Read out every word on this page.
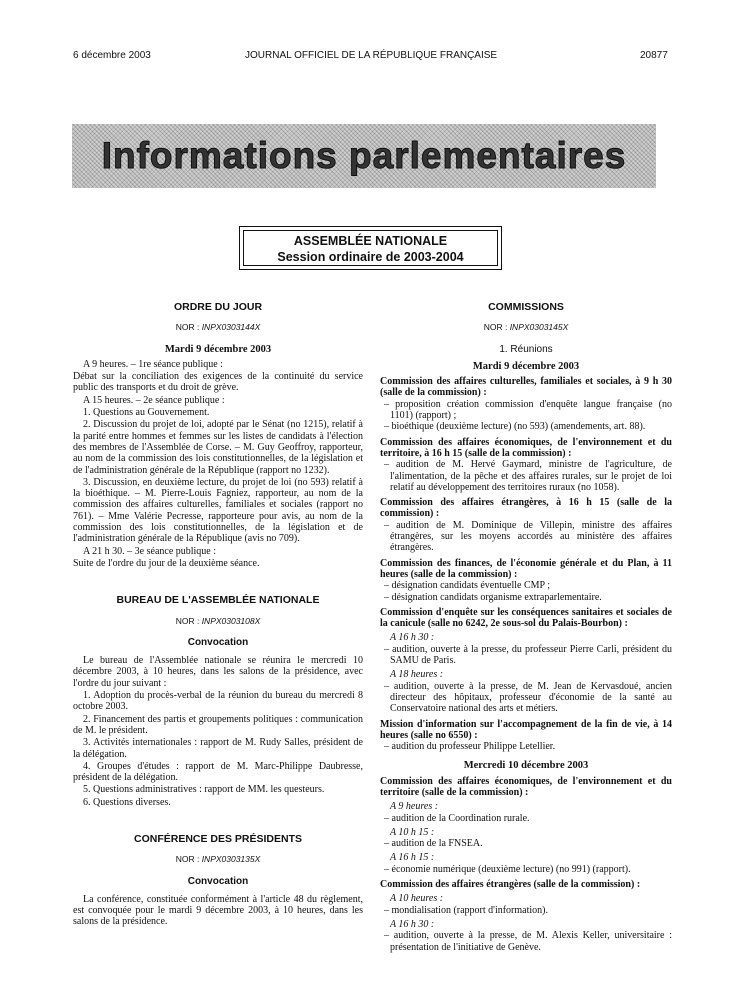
6 décembre 2003	JOURNAL OFFICIEL DE LA RÉPUBLIQUE FRANÇAISE	20877
Informations parlementaires
ASSEMBLÉE NATIONALE
Session ordinaire de 2003-2004
ORDRE DU JOUR
NOR : INPX0303144X
Mardi 9 décembre 2003
A 9 heures. – 1re séance publique :
Débat sur la conciliation des exigences de la continuité du service public des transports et du droit de grève.
A 15 heures. – 2e séance publique :
1. Questions au Gouvernement.
2. Discussion du projet de loi, adopté par le Sénat (no 1215), relatif à la parité entre hommes et femmes sur les listes de candidats à l'élection des membres de l'Assemblée de Corse. – M. Guy Geoffroy, rapporteur, au nom de la commission des lois constitutionnelles, de la législation et de l'administration générale de la République (rapport no 1232).
3. Discussion, en deuxième lecture, du projet de loi (no 593) relatif à la bioéthique. – M. Pierre-Louis Fagniez, rapporteur, au nom de la commission des affaires culturelles, familiales et sociales (rapport no 761). – Mme Valérie Pecresse, rapporteure pour avis, au nom de la commission des lois constitutionnelles, de la législation et de l'administration générale de la République (avis no 709).
A 21 h 30. – 3e séance publique :
Suite de l'ordre du jour de la deuxième séance.
BUREAU DE L'ASSEMBLÉE NATIONALE
NOR : INPX0303108X
Convocation
Le bureau de l'Assemblée nationale se réunira le mercredi 10 décembre 2003, à 10 heures, dans les salons de la présidence, avec l'ordre du jour suivant :
1. Adoption du procès-verbal de la réunion du bureau du mercredi 8 octobre 2003.
2. Financement des partis et groupements politiques : communication de M. le président.
3. Activités internationales : rapport de M. Rudy Salles, président de la délégation.
4. Groupes d'études : rapport de M. Marc-Philippe Daubresse, président de la délégation.
5. Questions administratives : rapport de MM. les questeurs.
6. Questions diverses.
CONFÉRENCE DES PRÉSIDENTS
NOR : INPX0303135X
Convocation
La conférence, constituée conformément à l'article 48 du règlement, est convoquée pour le mardi 9 décembre 2003, à 10 heures, dans les salons de la présidence.
COMMISSIONS
NOR : INPX0303145X
1. Réunions
Mardi 9 décembre 2003
Commission des affaires culturelles, familiales et sociales, à 9 h 30 (salle de la commission) :
– proposition création commission d'enquête langue française (no 1101) (rapport) ;
– bioéthique (deuxième lecture) (no 593) (amendements, art. 88).
Commission des affaires économiques, de l'environnement et du territoire, à 16 h 15 (salle de la commission) :
– audition de M. Hervé Gaymard, ministre de l'agriculture, de l'alimentation, de la pêche et des affaires rurales, sur le projet de loi relatif au développement des territoires ruraux (no 1058).
Commission des affaires étrangères, à 16 h 15 (salle de la commission) :
– audition de M. Dominique de Villepin, ministre des affaires étrangères, sur les moyens accordés au ministère des affaires étrangères.
Commission des finances, de l'économie générale et du Plan, à 11 heures (salle de la commission) :
– désignation candidats éventuelle CMP ;
– désignation candidats organisme extraparlementaire.
Commission d'enquête sur les conséquences sanitaires et sociales de la canicule (salle no 6242, 2e sous-sol du Palais-Bourbon) :
A 16 h 30 :
– audition, ouverte à la presse, du professeur Pierre Carli, président du SAMU de Paris.
A 18 heures :
– audition, ouverte à la presse, de M. Jean de Kervasdoué, ancien directeur des hôpitaux, professeur d'économie de la santé au Conservatoire national des arts et métiers.
Mission d'information sur l'accompagnement de la fin de vie, à 14 heures (salle no 6550) :
– audition du professeur Philippe Letellier.
Mercredi 10 décembre 2003
Commission des affaires économiques, de l'environnement et du territoire (salle de la commission) :
A 9 heures :
– audition de la Coordination rurale.
A 10 h 15 :
– audition de la FNSEA.
A 16 h 15 :
– économie numérique (deuxième lecture) (no 991) (rapport).
Commission des affaires étrangères (salle de la commission) :
A 10 heures :
– mondialisation (rapport d'information).
A 16 h 30 :
– audition, ouverte à la presse, de M. Alexis Keller, universitaire : présentation de l'initiative de Genève.
